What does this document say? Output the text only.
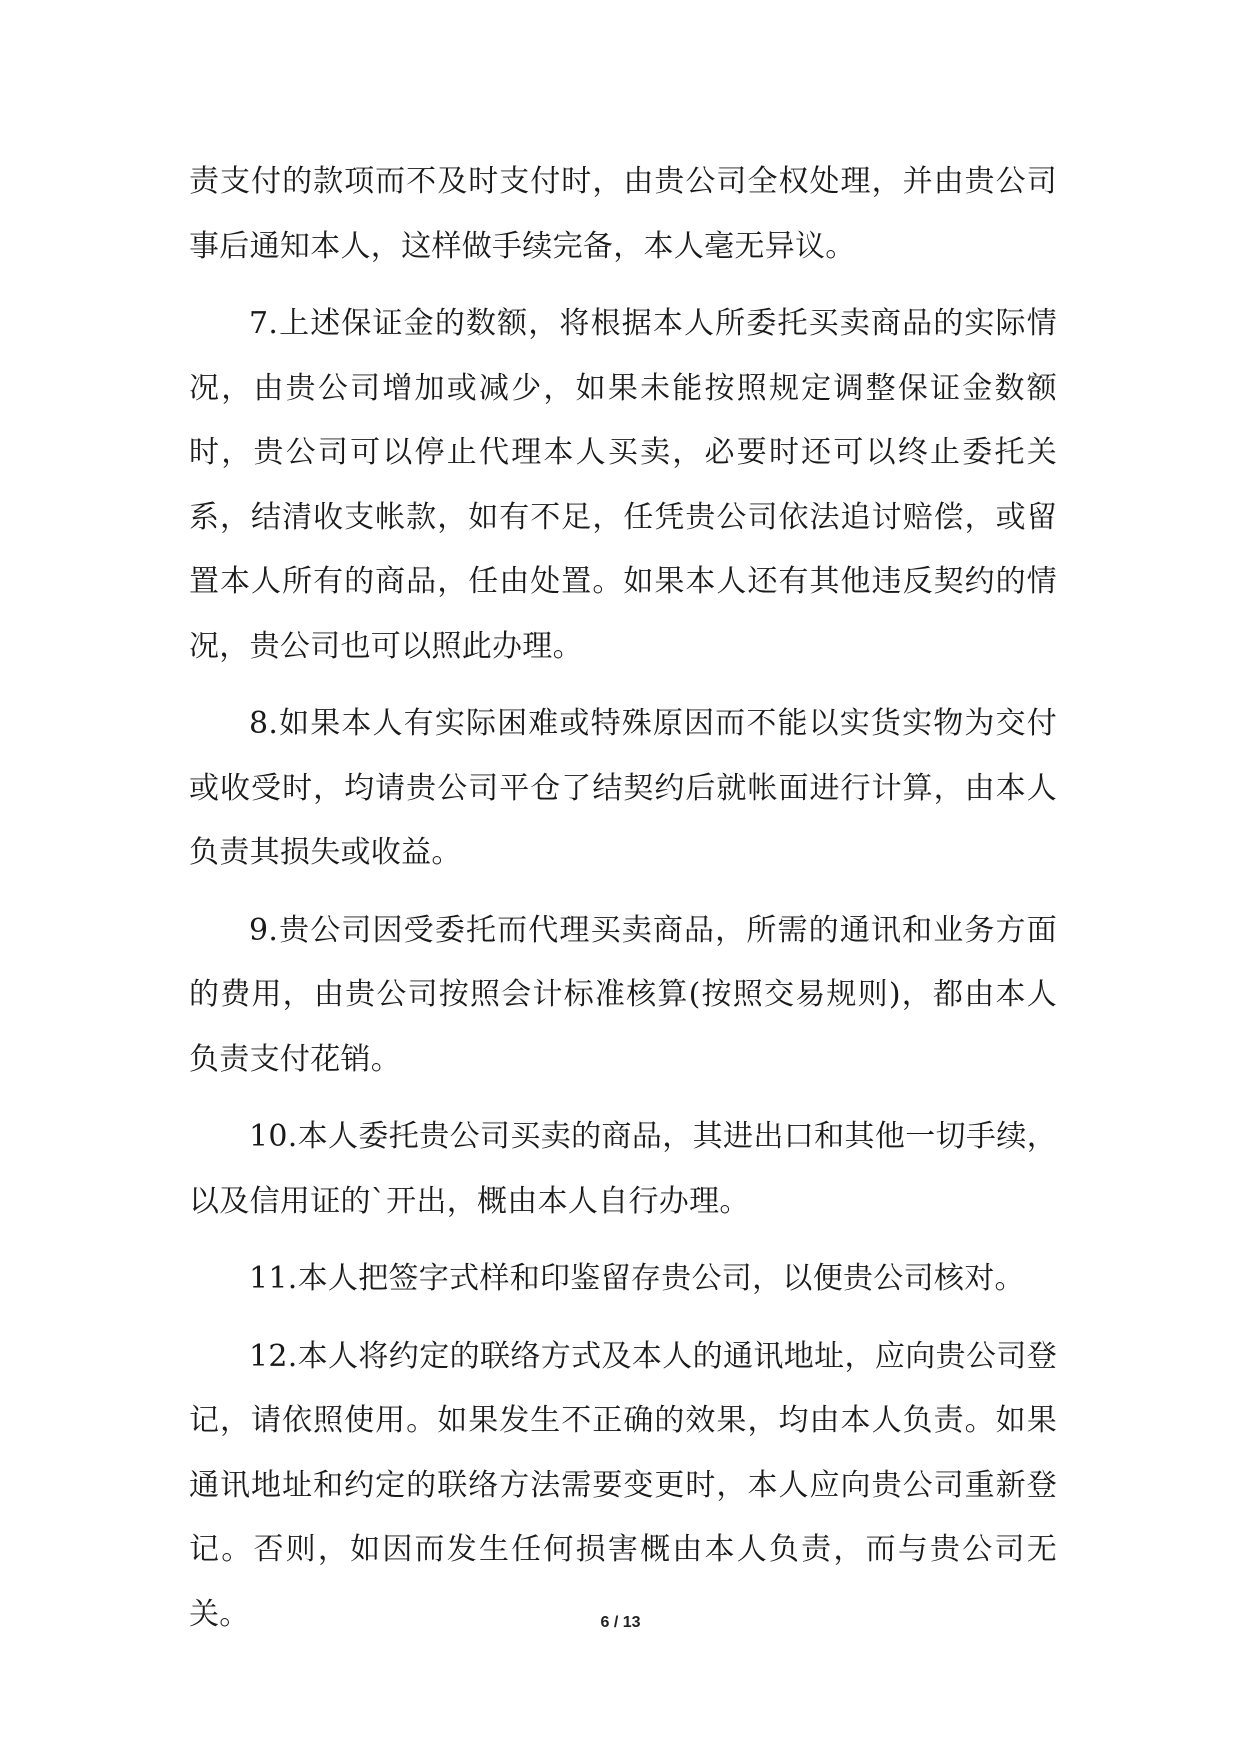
责支付的款项而不及时支付时，由贵公司全权处理，并由贵公司事后通知本人，这样做手续完备，本人毫无异议。

7.上述保证金的数额，将根据本人所委托买卖商品的实际情况，由贵公司增加或减少，如果未能按照规定调整保证金数额时，贵公司可以停止代理本人买卖，必要时还可以终止委托关系，结清收支帐款，如有不足，任凭贵公司依法追讨赔偿，或留置本人所有的商品，任由处置。如果本人还有其他违反契约的情况，贵公司也可以照此办理。

8.如果本人有实际困难或特殊原因而不能以实货实物为交付或收受时，均请贵公司平仓了结契约后就帐面进行计算，由本人负责其损失或收益。

9.贵公司因受委托而代理买卖商品，所需的通讯和业务方面的费用，由贵公司按照会计标准核算(按照交易规则)，都由本人负责支付花销。

10.本人委托贵公司买卖的商品，其进出口和其他一切手续，以及信用证的`开出，概由本人自行办理。

11.本人把签字式样和印鉴留存贵公司，以便贵公司核对。

12.本人将约定的联络方式及本人的通讯地址，应向贵公司登记，请依照使用。如果发生不正确的效果，均由本人负责。如果通讯地址和约定的联络方法需要变更时，本人应向贵公司重新登记。否则，如因而发生任何损害概由本人负责，而与贵公司无关。	6 / 13
